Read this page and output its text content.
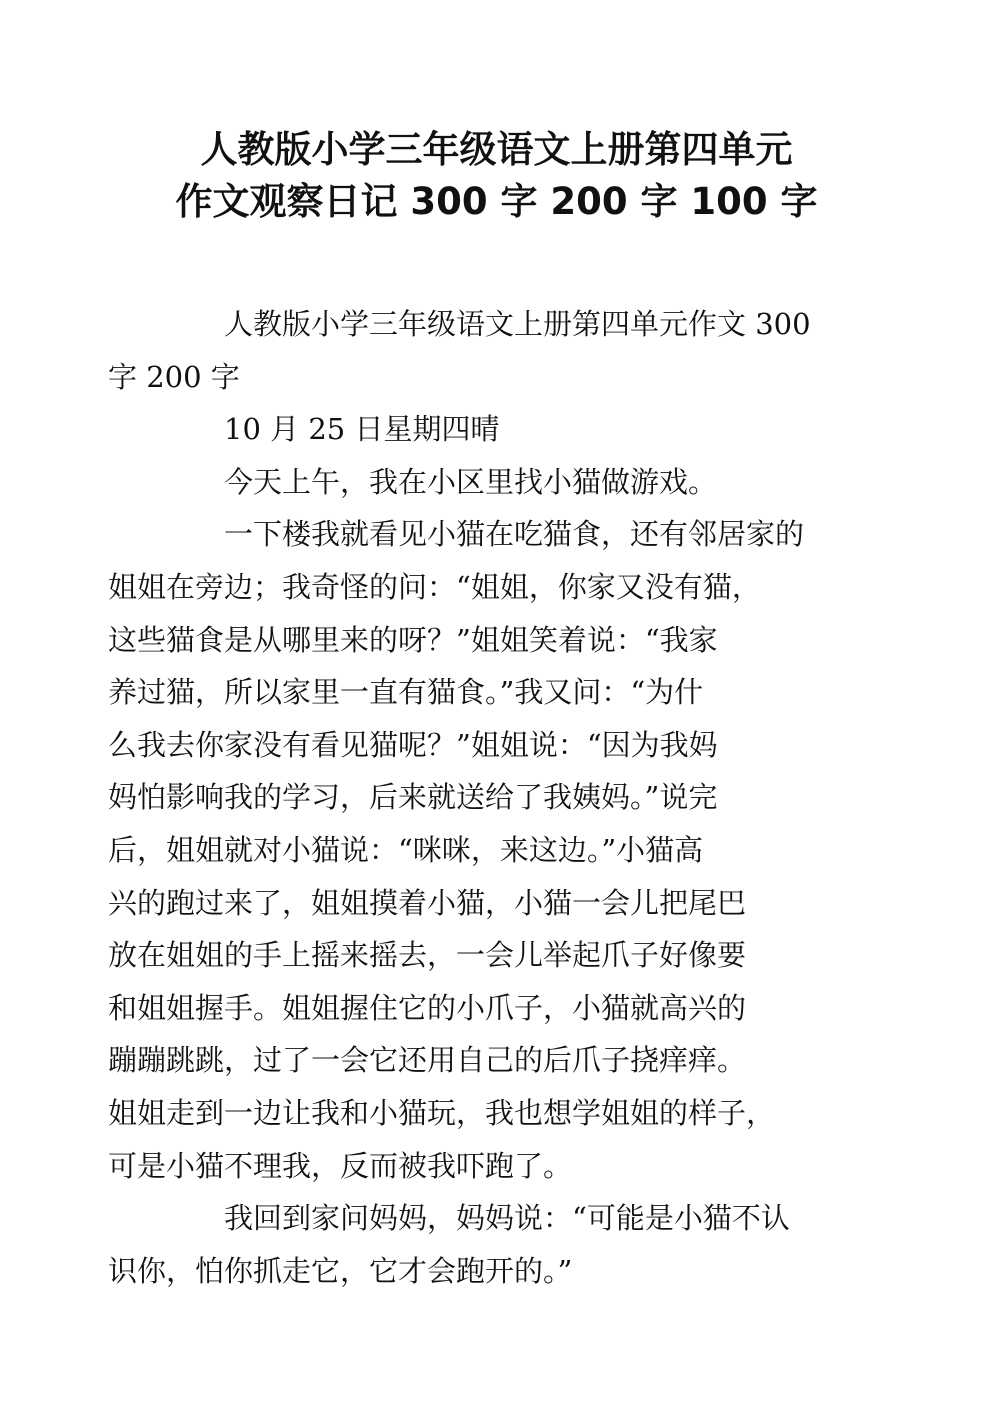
人教版小学三年级语文上册第四单元
作文观察日记 300 字 200 字 100 字

人教版小学三年级语文上册第四单元作文 300
字 200 字

10 月 25 日星期四晴

今天上午，我在小区里找小猫做游戏。

一下楼我就看见小猫在吃猫食，还有邻居家的
姐姐在旁边；我奇怪的问：“姐姐，你家又没有猫，
这些猫食是从哪里来的呀？”姐姐笑着说：“我家
养过猫，所以家里一直有猫食。”我又问：“为什
么我去你家没有看见猫呢？”姐姐说：“因为我妈
妈怕影响我的学习，后来就送给了我姨妈。”说完
后，姐姐就对小猫说：“咪咪，来这边。”小猫高
兴的跑过来了，姐姐摸着小猫，小猫一会儿把尾巴
放在姐姐的手上摇来摇去，一会儿举起爪子好像要
和姐姐握手。姐姐握住它的小爪子，小猫就高兴的
蹦蹦跳跳，过了一会它还用自己的后爪子挠痒痒。
姐姐走到一边让我和小猫玩，我也想学姐姐的样子，
可是小猫不理我，反而被我吓跑了。

我回到家问妈妈，妈妈说：“可能是小猫不认
识你，怕你抓走它，它才会跑开的。”
